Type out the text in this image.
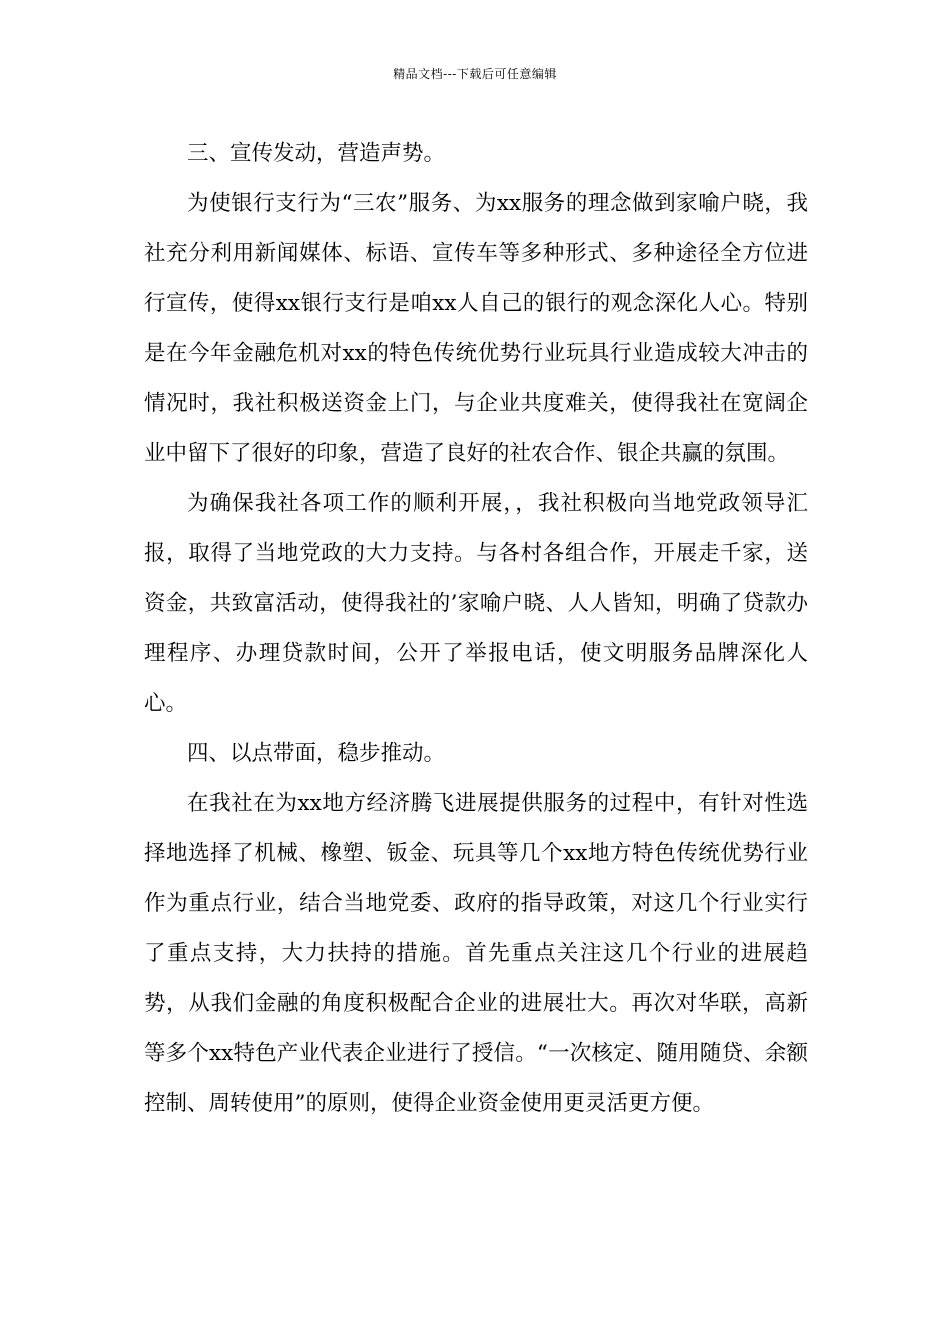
精品文档---下载后可任意编辑

三、宣传发动，营造声势。

为使银行支行为“三农”服务、为xx服务的理念做到家喻户晓，我社充分利用新闻媒体、标语、宣传车等多种形式、多种途径全方位进行宣传，使得xx银行支行是咱xx人自己的银行的观念深化人心。特别是在今年金融危机对xx的特色传统优势行业玩具行业造成较大冲击的情况时，我社积极送资金上门，与企业共度难关，使得我社在宽阔企业中留下了很好的印象，营造了良好的社农合作、银企共赢的氛围。

为确保我社各项工作的顺利开展，，我社积极向当地党政领导汇报，取得了当地党政的大力支持。与各村各组合作，开展走千家，送资金，共致富活动，使得我社的’家喻户晓、人人皆知，明确了贷款办理程序、办理贷款时间，公开了举报电话，使文明服务品牌深化人心。

四、以点带面，稳步推动。

在我社在为xx地方经济腾飞进展提供服务的过程中，有针对性选择地选择了机械、橡塑、钣金、玩具等几个xx地方特色传统优势行业作为重点行业，结合当地党委、政府的指导政策，对这几个行业实行了重点支持，大力扶持的措施。首先重点关注这几个行业的进展趋势，从我们金融的角度积极配合企业的进展壮大。再次对华联，高新等多个xx特色产业代表企业进行了授信。“一次核定、随用随贷、余额控制、周转使用”的原则，使得企业资金使用更灵活更方便。
